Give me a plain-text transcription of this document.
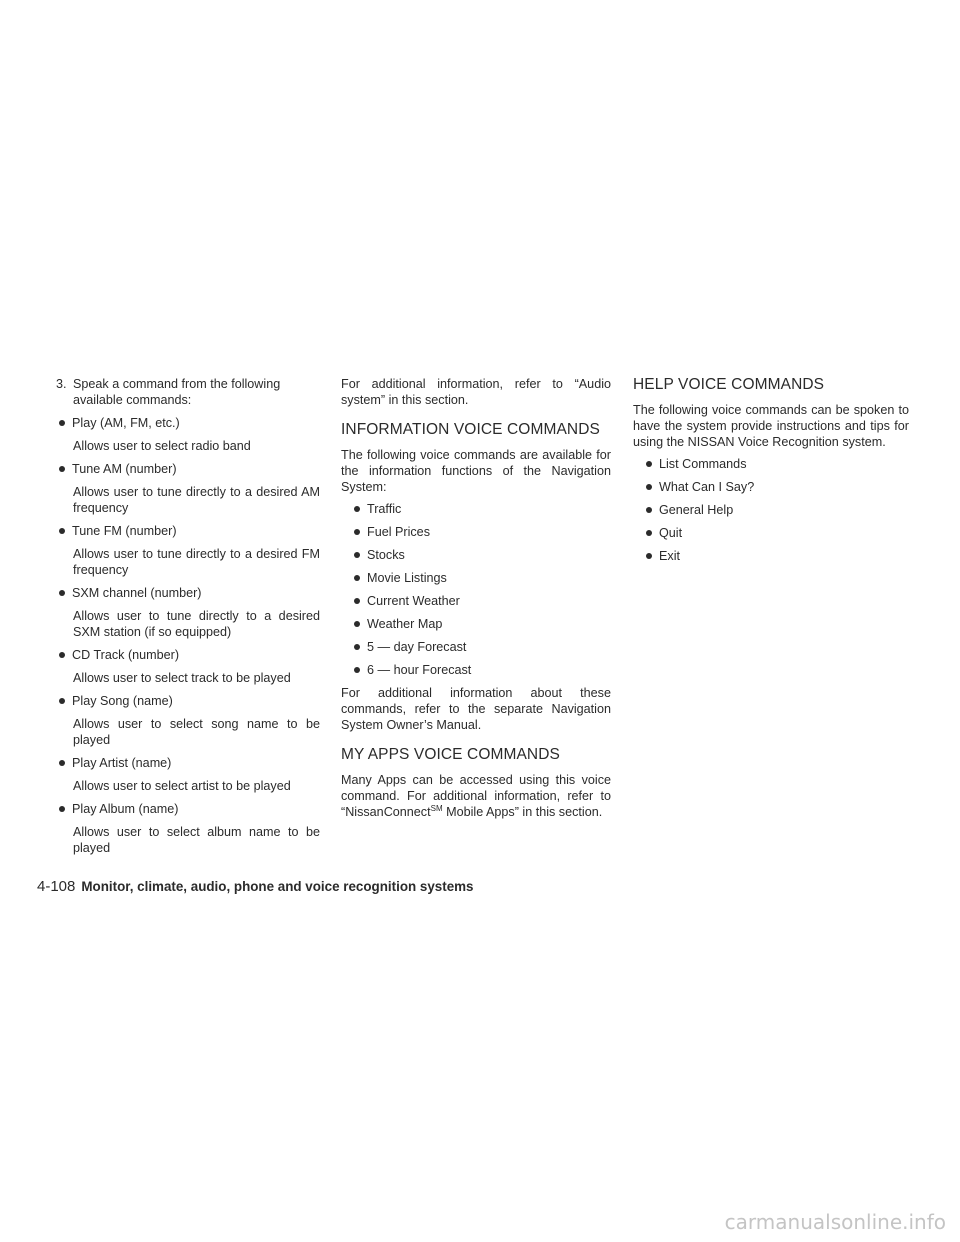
3. Speak a command from the following available commands:

Play (AM, FM, etc.)

Allows user to select radio band

Tune AM (number)

Allows user to tune directly to a desired AM frequency

Tune FM (number)

Allows user to tune directly to a desired FM frequency

SXM channel (number)

Allows user to tune directly to a desired SXM station (if so equipped)

CD Track (number)

Allows user to select track to be played

Play Song (name)

Allows user to select song name to be played

Play Artist (name)

Allows user to select artist to be played

Play Album (name)

Allows user to select album name to be played

For additional information, refer to “Audio system” in this section.

INFORMATION VOICE COMMANDS

The following voice commands are available for the information functions of the Navigation System:

Traffic

Fuel Prices

Stocks

Movie Listings

Current Weather

Weather Map

5 — day Forecast

6 — hour Forecast

For additional information about these commands, refer to the separate Navigation System Owner’s Manual.

MY APPS VOICE COMMANDS

Many Apps can be accessed using this voice command. For additional information, refer to “NissanConnect℠ Mobile Apps” in this section.

HELP VOICE COMMANDS

The following voice commands can be spoken to have the system provide instructions and tips for using the NISSAN Voice Recognition system.

List Commands

What Can I Say?

General Help

Quit

Exit

4-108 Monitor, climate, audio, phone and voice recognition systems
carmanualsonline.info
